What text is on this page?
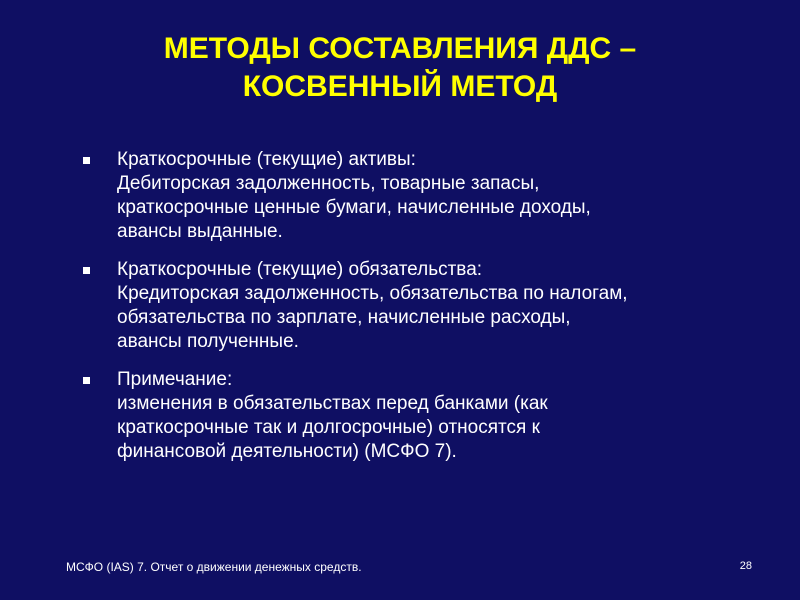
МЕТОДЫ СОСТАВЛЕНИЯ ДДС –
КОСВЕННЫЙ МЕТОД
Краткосрочные (текущие) активы:
Дебиторская задолженность, товарные запасы,
краткосрочные ценные бумаги, начисленные доходы,
авансы выданные.
Краткосрочные (текущие) обязательства:
Кредиторская задолженность, обязательства по налогам,
обязательства по зарплате, начисленные расходы,
авансы полученные.
Примечание:
изменения в обязательствах перед банками (как
краткосрочные так и долгосрочные) относятся к
финансовой деятельности) (МСФО 7).
МСФО (IAS) 7. Отчет о движении денежных средств.	28
